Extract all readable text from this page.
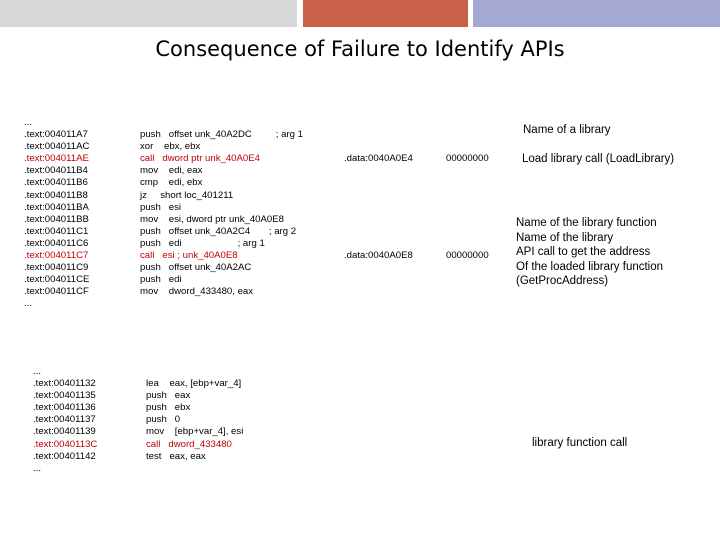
Consequence of Failure to Identify APIs
...
.text:004011A7
.text:004011AC
.text:004011AE
.text:004011B4
.text:004011B6
.text:004011B8
.text:004011BA
.text:004011BB
.text:004011C1
.text:004011C6
.text:004011C7
.text:004011C9
.text:004011CE
.text:004011CF
...
push   offset unk_40A2DC         ; arg 1
xor    ebx, ebx
call   dword ptr unk_40A0E4
mov    edi, eax
cmp    edi, ebx
jz     short loc_401211
push   esi
mov    esi, dword ptr unk_40A0E8
push   offset unk_40A2C4       ; arg 2
push   edi                     ; arg 1
call   esi ; unk_40A0E8
push   offset unk_40A2AC
push   edi
mov    dword_433480, eax
.data:0040A0E4	00000000
.data:0040A0E8	00000000
...
.text:00401132
.text:00401135
.text:00401136
.text:00401137
.text:00401139
.text:0040113C
.text:00401142
...
lea    eax, [ebp+var_4]
push   eax
push   ebx
push   0
mov    [ebp+var_4], esi
call   dword_433480
test   eax, eax
Name of a library
Load library call (LoadLibrary)
Name of the library function
Name of the library
API call to get the address
Of the loaded library function
(GetProcAddress)
library function call
